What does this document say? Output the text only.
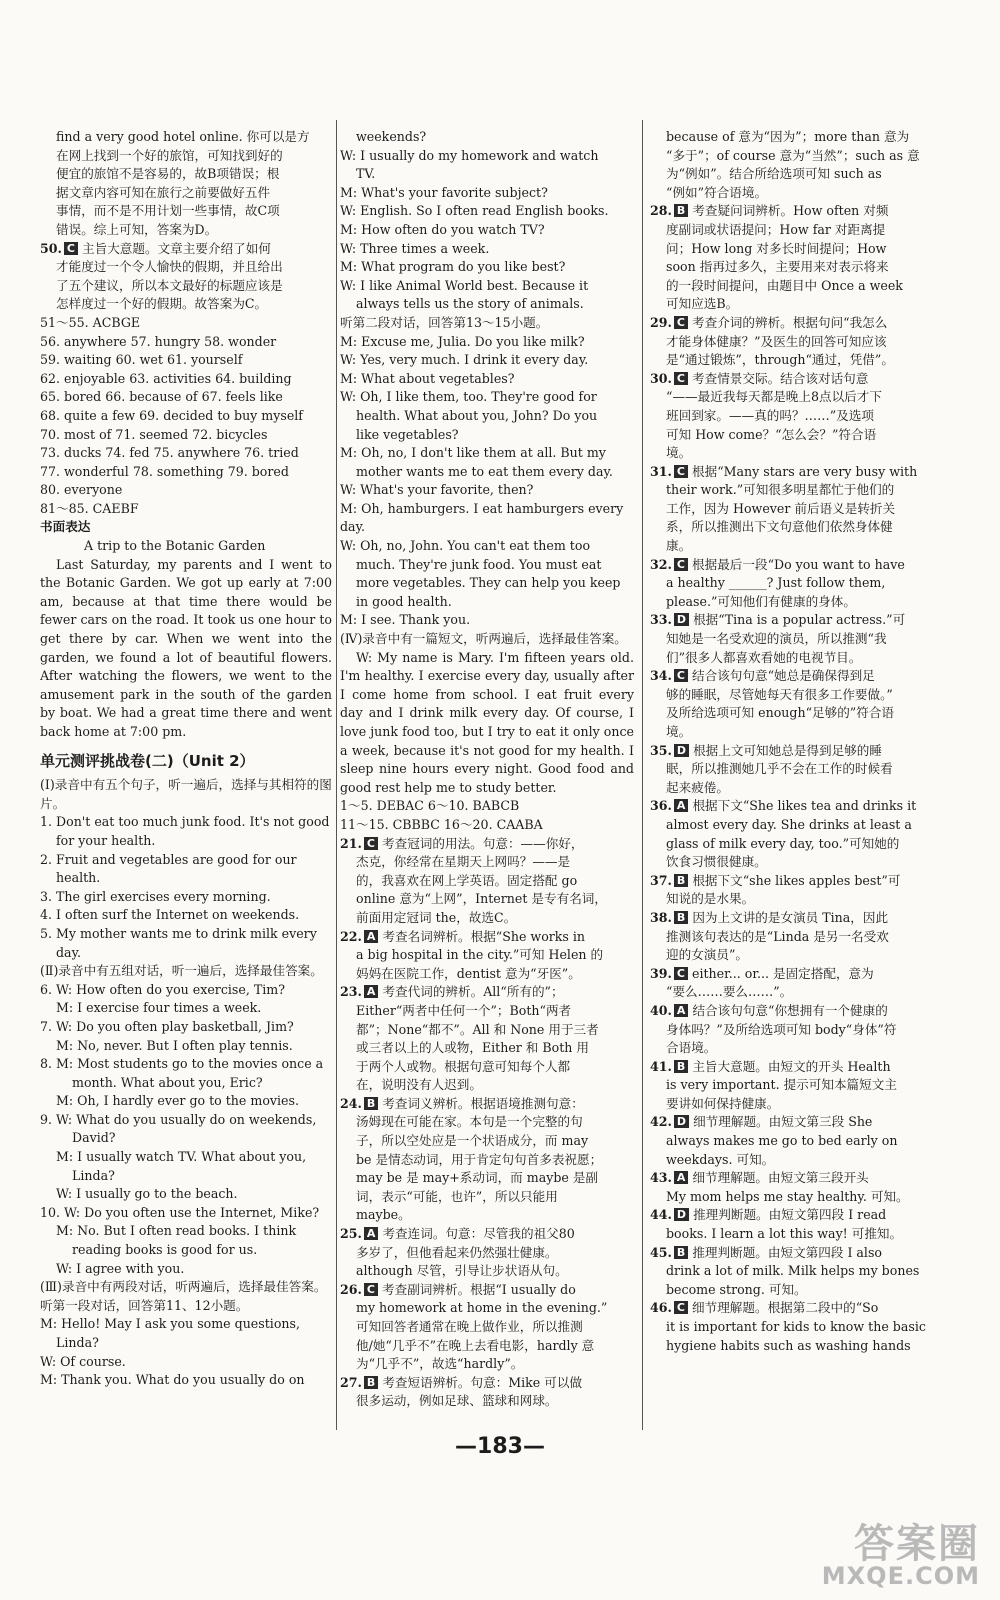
find a very good hotel online. 你可以是方

在网上找到一个好的旅馆，可知找到好的

便宜的旅馆不是容易的，故B项错误；根

据文章内容可知在旅行之前要做好五件

事情，而不是不用计划一些事情，故C项

错误。综上可知，答案为D。

50. C 主旨大意题。文章主要介绍了如何

才能度过一个令人愉快的假期，并且给出

了五个建议，所以本文最好的标题应该是

怎样度过一个好的假期。故答案为C。

51～55. ACBGE

56. anywhere 57. hungry 58. wonder

59. waiting 60. wet 61. yourself

62. enjoyable 63. activities 64. building

65. bored 66. because of 67. feels like

68. quite a few 69. decided to buy myself

70. most of 71. seemed 72. bicycles

73. ducks 74. fed 75. anywhere 76. tried

77. wonderful 78. something 79. bored

80. everyone

81～85. CAEBF

书面表达

A trip to the Botanic Garden

Last Saturday, my parents and I went to the Botanic Garden. We got up early at 7:00 am, because at that time there would be fewer cars on the road. It took us one hour to get there by car. When we went into the garden, we found a lot of beautiful flowers. After watching the flowers, we went to the amusement park in the south of the garden by boat. We had a great time there and went back home at 7:00 pm.

单元测评挑战卷(二)（Unit 2）

(Ⅰ)录音中有五个句子，听一遍后，选择与其相符的图片。

1. Don't eat too much junk food. It's not good

for your health.

2. Fruit and vegetables are good for our

health.

3. The girl exercises every morning.

4. I often surf the Internet on weekends.

5. My mother wants me to drink milk every

day.

(Ⅱ)录音中有五组对话，听一遍后，选择最佳答案。

6. W: How often do you exercise, Tim?

M: I exercise four times a week.

7. W: Do you often play basketball, Jim?

M: No, never. But I often play tennis.

8. M: Most students go to the movies once a

month. What about you, Eric?

M: Oh, I hardly ever go to the movies.

9. W: What do you usually do on weekends,

David?

M: I usually watch TV. What about you,

Linda?

W: I usually go to the beach.

10. W: Do you often use the Internet, Mike?

M: No. But I often read books. I think

reading books is good for us.

W: I agree with you.

(Ⅲ)录音中有两段对话，听两遍后，选择最佳答案。

听第一段对话，回答第11、12小题。

M: Hello! May I ask you some questions,

Linda?

W: Of course.

M: Thank you. What do you usually do on

weekends?

W: I usually do my homework and watch

TV.

M: What's your favorite subject?

W: English. So I often read English books.

M: How often do you watch TV?

W: Three times a week.

M: What program do you like best?

W: I like Animal World best. Because it

always tells us the story of animals.

听第二段对话，回答第13～15小题。

M: Excuse me, Julia. Do you like milk?

W: Yes, very much. I drink it every day.

M: What about vegetables?

W: Oh, I like them, too. They're good for

health. What about you, John? Do you

like vegetables?

M: Oh, no, I don't like them at all. But my

mother wants me to eat them every day.

W: What's your favorite, then?

M: Oh, hamburgers. I eat hamburgers every day.

W: Oh, no, John. You can't eat them too

much. They're junk food. You must eat

more vegetables. They can help you keep

in good health.

M: I see. Thank you.

(Ⅳ)录音中有一篇短文，听两遍后，选择最佳答案。

W: My name is Mary. I'm fifteen years old. I'm healthy. I exercise every day, usually after I come home from school. I eat fruit every day and I drink milk every day. Of course, I love junk food too, but I try to eat it only once a week, because it's not good for my health. I sleep nine hours every night. Good food and good rest help me to study better.

1～5. DEBAC 6～10. BABCB

11～15. CBBBC 16～20. CAABA

21. C 考查冠词的用法。句意：——你好，

杰克，你经常在星期天上网吗？——是

的，我喜欢在网上学英语。固定搭配 go

online 意为“上网”，Internet 是专有名词，

前面用定冠词 the，故选C。

22. A 考查名词辨析。根据“She works in

a big hospital in the city.”可知 Helen 的

妈妈在医院工作，dentist 意为“牙医”。

23. A 考查代词的辨析。All“所有的”；

Either“两者中任何一个”；Both“两者

都”；None“都不”。All 和 None 用于三者

或三者以上的人或物，Either 和 Both 用

于两个人或物。根据句意可知每个人都

在，说明没有人迟到。

24. B 考查词义辨析。根据语境推测句意：

汤姆现在可能在家。本句是一个完整的句

子，所以空处应是一个状语成分，而 may

be 是情态动词，用于肯定句句首多表祝愿；

may be 是 may+系动词，而 maybe 是副

词，表示“可能，也许”，所以只能用

maybe。

25. A 考查连词。句意：尽管我的祖父80

多岁了，但他看起来仍然强壮健康。

although 尽管，引导让步状语从句。

26. C 考查副词辨析。根据“I usually do

my homework at home in the evening.”

可知回答者通常在晚上做作业，所以推测

他/她“几乎不”在晚上去看电影，hardly 意

为“几乎不”，故选“hardly”。

27. B 考查短语辨析。句意：Mike 可以做

很多运动，例如足球、篮球和网球。

because of 意为“因为”；more than 意为

“多于”；of course 意为“当然”；such as 意

为“例如”。结合所给选项可知 such as

“例如”符合语境。

28. B 考查疑问词辨析。How often 对频

度副词或状语提问；How far 对距离提

问；How long 对多长时间提问；How

soon 指再过多久，主要用来对表示将来

的一段时间提问，由题目中 Once a week

可知应选B。

29. C 考查介词的辨析。根据句问“我怎么

才能身体健康？”及医生的回答可知应该

是“通过锻炼”，through“通过，凭借”。

30. C 考查情景交际。结合该对话句意

“——最近我每天都是晚上8点以后才下

班回到家。——真的吗？……”及选项

可知 How come？“怎么会？”符合语

境。

31. C 根据“Many stars are very busy with

their work.”可知很多明星都忙于他们的

工作，因为 However 前后语义是转折关

系，所以推测出下文句意他们依然身体健

康。

32. C 根据最后一段“Do you want to have

a healthy ______? Just follow them,

please.”可知他们有健康的身体。

33. D 根据“Tina is a popular actress.”可

知她是一名受欢迎的演员，所以推测“我

们”很多人都喜欢看她的电视节目。

34. C 结合该句句意“她总是确保得到足

够的睡眠，尽管她每天有很多工作要做。”

及所给选项可知 enough“足够的”符合语

境。

35. D 根据上文可知她总是得到足够的睡

眠，所以推测她几乎不会在工作的时候看

起来疲倦。

36. A 根据下文“She likes tea and drinks it

almost every day. She drinks at least a

glass of milk every day, too.”可知她的

饮食习惯很健康。

37. B 根据下文“she likes apples best”可

知说的是水果。

38. B 因为上文讲的是女演员 Tina，因此

推测该句表达的是“Linda 是另一名受欢

迎的女演员”。

39. C either... or... 是固定搭配，意为

“要么……要么……”。

40. A 结合该句句意“你想拥有一个健康的

身体吗？”及所给选项可知 body“身体”符

合语境。

41. B 主旨大意题。由短文的开头 Health

is very important. 提示可知本篇短文主

要讲如何保持健康。

42. D 细节理解题。由短文第三段 She

always makes me go to bed early on

weekdays. 可知。

43. A 细节理解题。由短文第三段开头

My mom helps me stay healthy. 可知。

44. D 推理判断题。由短文第四段 I read

books. I learn a lot this way! 可推知。

45. B 推理判断题。由短文第四段 I also

drink a lot of milk. Milk helps my bones

become strong. 可知。

46. C 细节理解题。根据第二段中的“So

it is important for kids to know the basic

hygiene habits such as washing hands

—183—
答案圈
MXQE.COM
